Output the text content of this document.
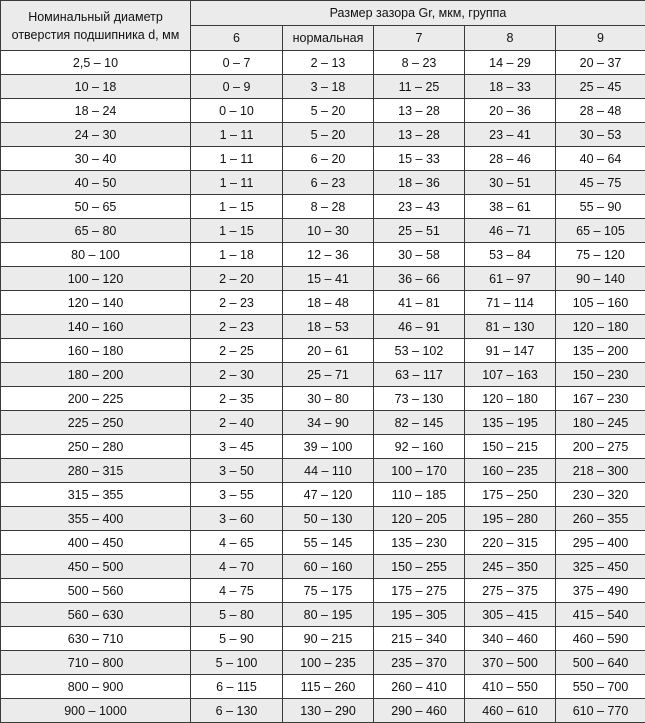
Номинальный диаметр отверстия подшипника d, мм	Размер зазора Gr, мкм, группа				
	6	нормальная	7	8	9
2,5 – 10	0 – 7	2 – 13	8 – 23	14 – 29	20 – 37
10 – 18	0 – 9	3 – 18	11 – 25	18 – 33	25 – 45
18 – 24	0 – 10	5 – 20	13 – 28	20 – 36	28 – 48
24 – 30	1 – 11	5 – 20	13 – 28	23 – 41	30 – 53
30 – 40	1 – 11	6 – 20	15 – 33	28 – 46	40 – 64
40 – 50	1 – 11	6 – 23	18 – 36	30 – 51	45 – 75
50 – 65	1 – 15	8 – 28	23 – 43	38 – 61	55 – 90
65 – 80	1 – 15	10 – 30	25 – 51	46 – 71	65 – 105
80 – 100	1 – 18	12 – 36	30 – 58	53 – 84	75 – 120
100 – 120	2 – 20	15 – 41	36 – 66	61 – 97	90 – 140
120 – 140	2 – 23	18 – 48	41 – 81	71 – 114	105 – 160
140 – 160	2 – 23	18 – 53	46 – 91	81 – 130	120 – 180
160 – 180	2 – 25	20 – 61	53 – 102	91 – 147	135 – 200
180 – 200	2 – 30	25 – 71	63 – 117	107 – 163	150 – 230
200 – 225	2 – 35	30 – 80	73 – 130	120 – 180	167 – 230
225 – 250	2 – 40	34 – 90	82 – 145	135 – 195	180 – 245
250 – 280	3 – 45	39 – 100	92 – 160	150 – 215	200 – 275
280 – 315	3 – 50	44 – 110	100 – 170	160 – 235	218 – 300
315 – 355	3 – 55	47 – 120	110 – 185	175 – 250	230 – 320
355 – 400	3 – 60	50 – 130	120 – 205	195 – 280	260 – 355
400 – 450	4 – 65	55 – 145	135 – 230	220 – 315	295 – 400
450 – 500	4 – 70	60 – 160	150 – 255	245 – 350	325 – 450
500 – 560	4 – 75	75 – 175	175 – 275	275 – 375	375 – 490
560 – 630	5 – 80	80 – 195	195 – 305	305 – 415	415 – 540
630 – 710	5 – 90	90 – 215	215 – 340	340 – 460	460 – 590
710 – 800	5 – 100	100 – 235	235 – 370	370 – 500	500 – 640
800 – 900	6 – 115	115 – 260	260 – 410	410 – 550	550 – 700
900 – 1000	6 – 130	130 – 290	290 – 460	460 – 610	610 – 770
